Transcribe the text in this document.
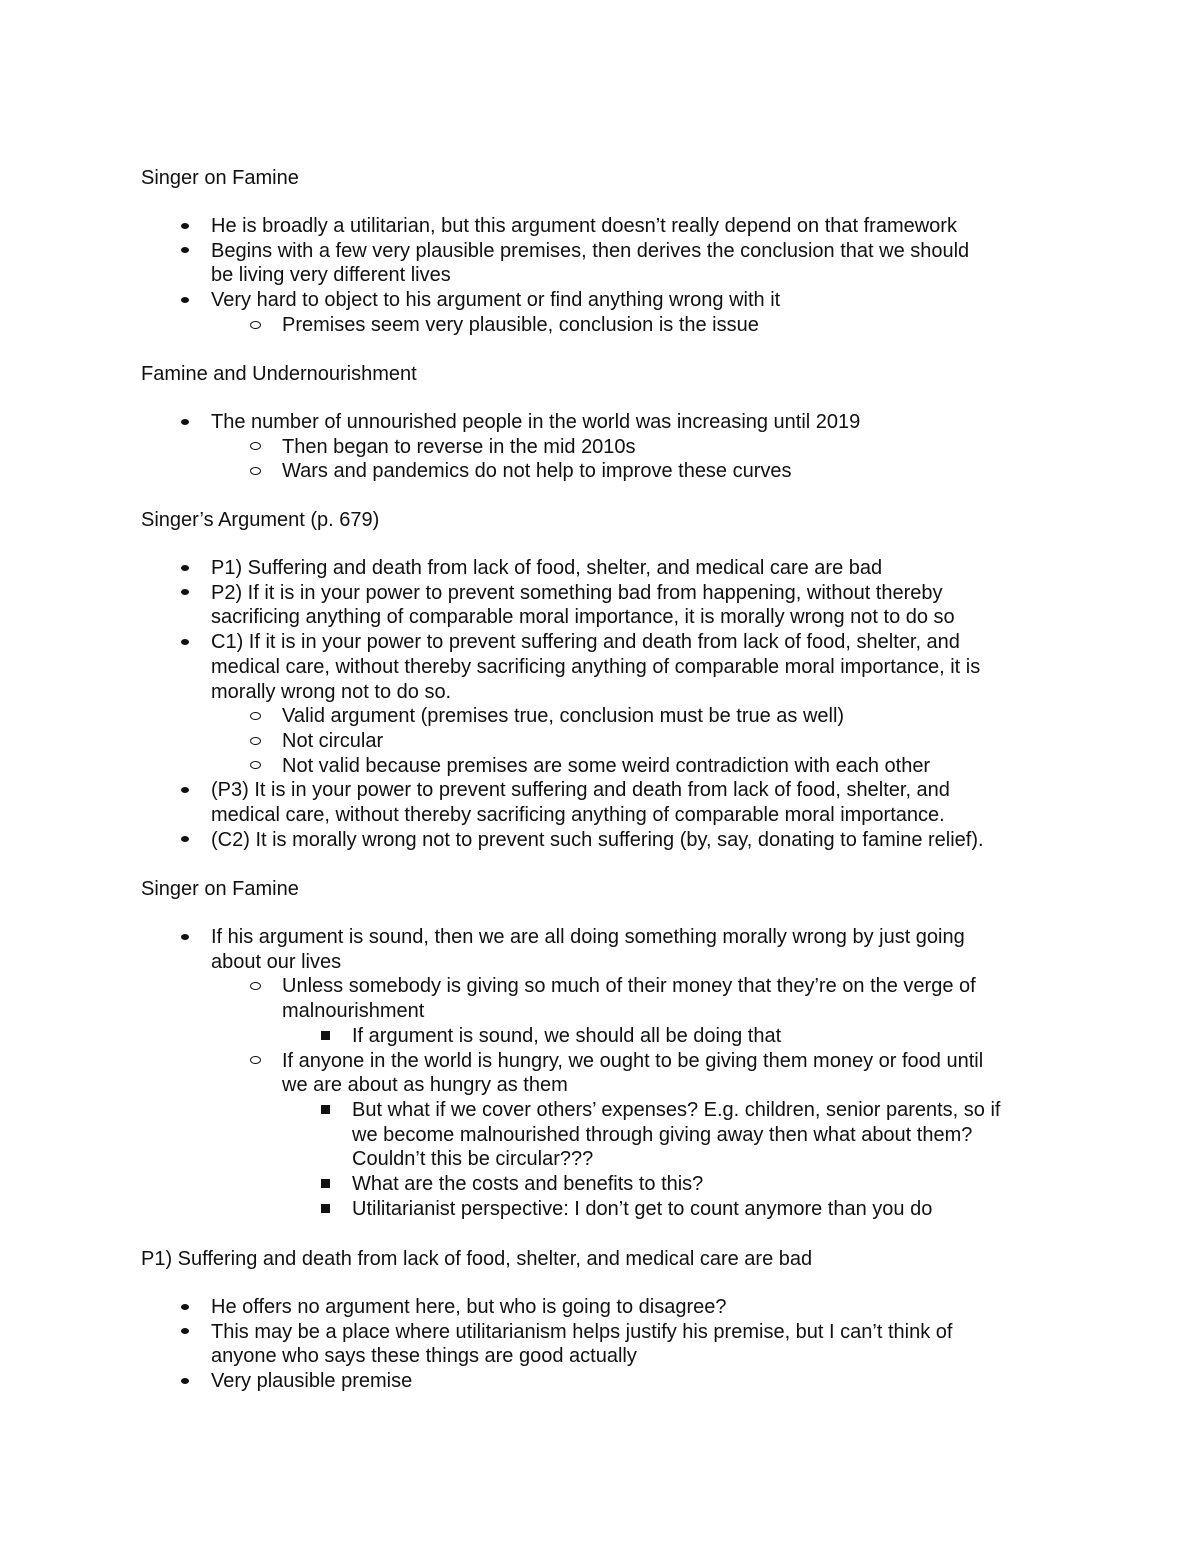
Singer on Famine
He is broadly a utilitarian, but this argument doesn’t really depend on that framework
Begins with a few very plausible premises, then derives the conclusion that we should
be living very different lives
Very hard to object to his argument or find anything wrong with it
Premises seem very plausible, conclusion is the issue
Famine and Undernourishment
The number of unnourished people in the world was increasing until 2019
Then began to reverse in the mid 2010s
Wars and pandemics do not help to improve these curves
Singer’s Argument (p. 679)
P1) Suffering and death from lack of food, shelter, and medical care are bad
P2) If it is in your power to prevent something bad from happening, without thereby
sacrificing anything of comparable moral importance, it is morally wrong not to do so
C1) If it is in your power to prevent suffering and death from lack of food, shelter, and
medical care, without thereby sacrificing anything of comparable moral importance, it is
morally wrong not to do so.
Valid argument (premises true, conclusion must be true as well)
Not circular
Not valid because premises are some weird contradiction with each other
(P3) It is in your power to prevent suffering and death from lack of food, shelter, and
medical care, without thereby sacrificing anything of comparable moral importance.
(C2) It is morally wrong not to prevent such suffering (by, say, donating to famine relief).
Singer on Famine
If his argument is sound, then we are all doing something morally wrong by just going
about our lives
Unless somebody is giving so much of their money that they’re on the verge of
malnourishment
If argument is sound, we should all be doing that
If anyone in the world is hungry, we ought to be giving them money or food until
we are about as hungry as them
But what if we cover others’ expenses? E.g. children, senior parents, so if
we become malnourished through giving away then what about them?
Couldn’t this be circular???
What are the costs and benefits to this?
Utilitarianist perspective: I don’t get to count anymore than you do
P1) Suffering and death from lack of food, shelter, and medical care are bad
He offers no argument here, but who is going to disagree?
This may be a place where utilitarianism helps justify his premise, but I can’t think of
anyone who says these things are good actually
Very plausible premise
